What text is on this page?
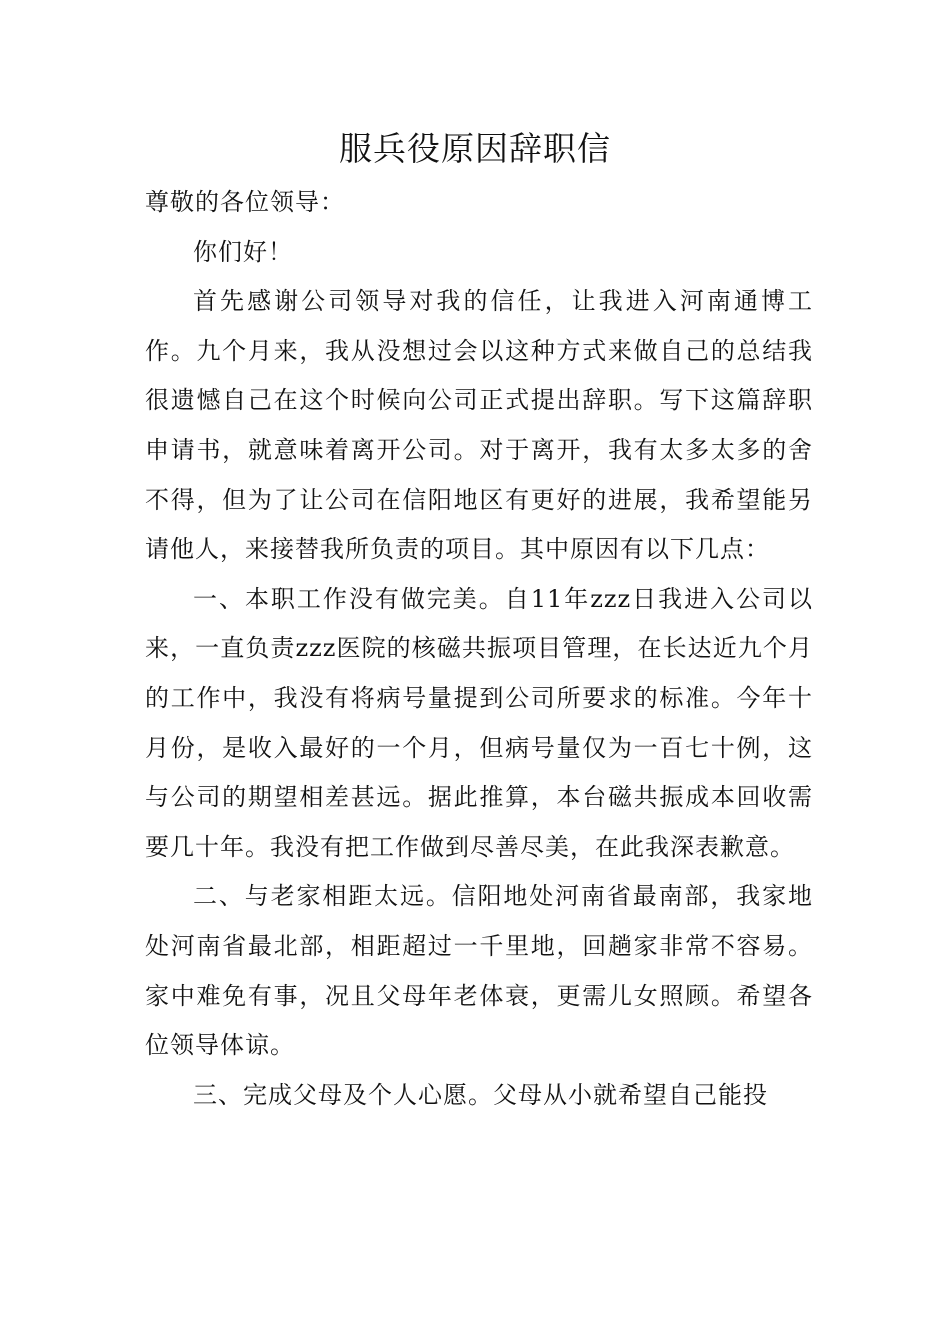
服兵役原因辞职信

尊敬的各位领导：

你们好！

首先感谢公司领导对我的信任，让我进入河南通博工作。九个月来，我从没想过会以这种方式来做自己的总结我很遗憾自己在这个时候向公司正式提出辞职。写下这篇辞职申请书，就意味着离开公司。对于离开，我有太多太多的舍不得，但为了让公司在信阳地区有更好的进展，我希望能另请他人，来接替我所负责的项目。其中原因有以下几点：

一、本职工作没有做完美。自11年zzz日我进入公司以来，一直负责zzz医院的核磁共振项目管理，在长达近九个月的工作中，我没有将病号量提到公司所要求的标准。今年十月份，是收入最好的一个月，但病号量仅为一百七十例，这与公司的期望相差甚远。据此推算，本台磁共振成本回收需要几十年。我没有把工作做到尽善尽美，在此我深表歉意。

二、与老家相距太远。信阳地处河南省最南部，我家地处河南省最北部，相距超过一千里地，回趟家非常不容易。家中难免有事，况且父母年老体衰，更需儿女照顾。希望各位领导体谅。

三、完成父母及个人心愿。父母从小就希望自己能投
